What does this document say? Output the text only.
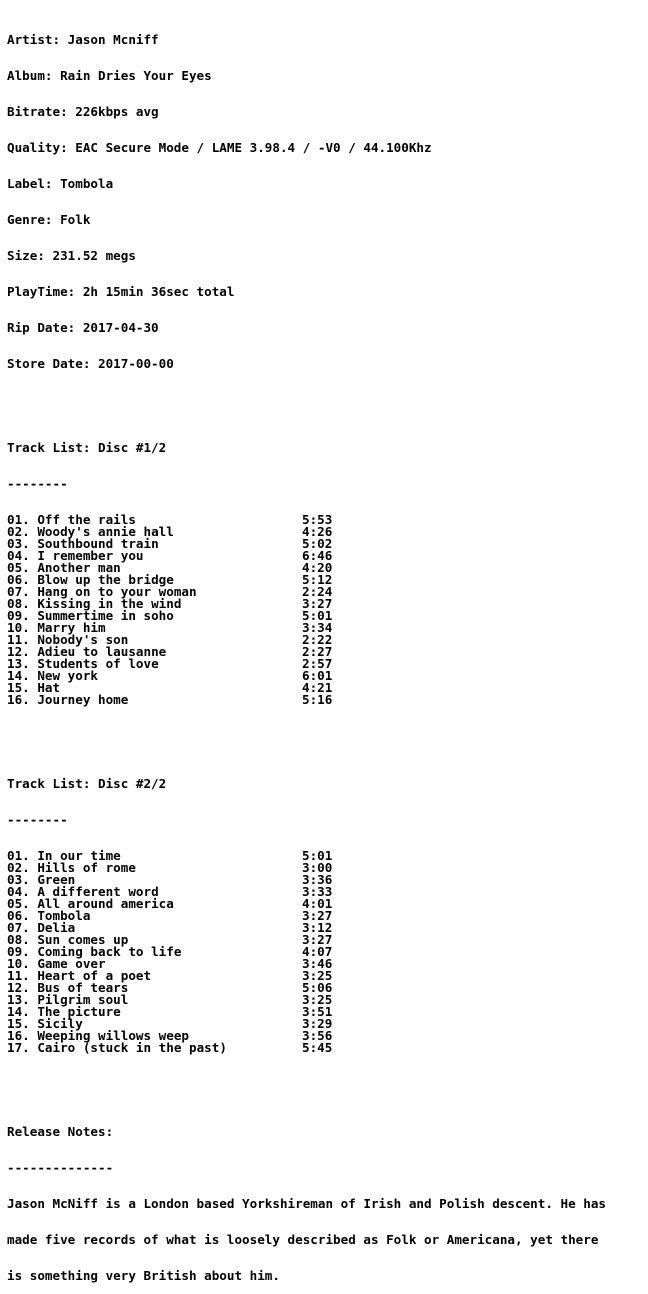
Artist: Jason Mcniff

Album: Rain Dries Your Eyes

Bitrate: 226kbps avg

Quality: EAC Secure Mode / LAME 3.98.4 / -V0 / 44.100Khz

Label: Tombola

Genre: Folk

Size: 231.52 megs

PlayTime: 2h 15min 36sec total

Rip Date: 2017-04-30

Store Date: 2017-00-00

Track List: Disc #1/2

--------

01. Off the rails	5:53
02. Woody's annie hall	4:26
03. Southbound train	5:02
04. I remember you	6:46
05. Another man	4:20
06. Blow up the bridge	5:12
07. Hang on to your woman	2:24
08. Kissing in the wind	3:27
09. Summertime in soho	5:01
10. Marry him	3:34
11. Nobody's son	2:22
12. Adieu to lausanne	2:27
13. Students of love	2:57
14. New york	6:01
15. Hat	4:21
16. Journey home	5:16

Track List: Disc #2/2

--------

01. In our time	5:01
02. Hills of rome	3:00
03. Green	3:36
04. A different word	3:33
05. All around america	4:01
06. Tombola	3:27
07. Delia	3:12
08. Sun comes up	3:27
09. Coming back to life	4:07
10. Game over	3:46
11. Heart of a poet	3:25
12. Bus of tears	5:06
13. Pilgrim soul	3:25
14. The picture	3:51
15. Sicily	3:29
16. Weeping willows weep	3:56
17. Cairo (stuck in the past)	5:45

Release Notes:

--------------

Jason McNiff is a London based Yorkshireman of Irish and Polish descent. He has

made five records of what is loosely described as Folk or Americana, yet there

is something very British about him.
